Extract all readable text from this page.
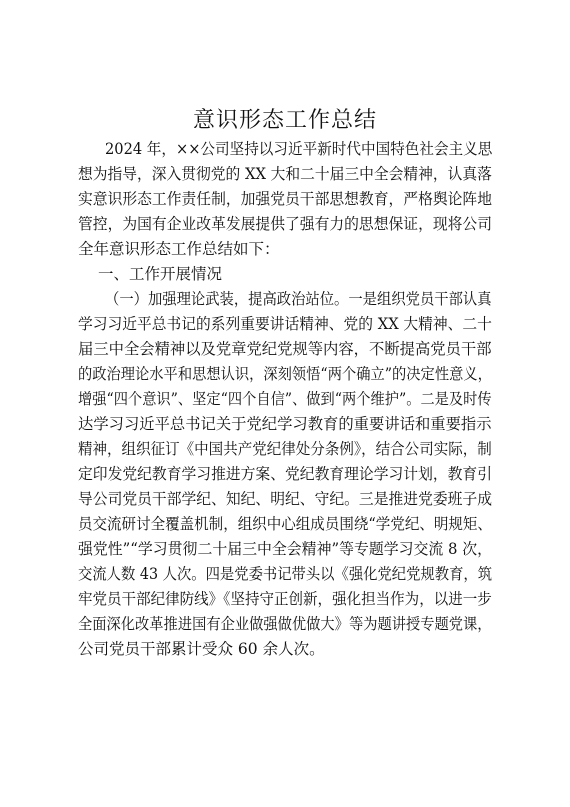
意识形态工作总结
2024 年，××公司坚持以习近平新时代中国特色社会主义思
想为指导，深入贯彻党的 XX 大和二十届三中全会精神，认真落
实意识形态工作责任制，加强党员干部思想教育，严格舆论阵地
管控，为国有企业改革发展提供了强有力的思想保证，现将公司
全年意识形态工作总结如下：
一、工作开展情况
（一）加强理论武装，提高政治站位。一是组织党员干部认真
学习习近平总书记的系列重要讲话精神、党的 XX 大精神、二十
届三中全会精神以及党章党纪党规等内容，不断提高党员干部
的政治理论水平和思想认识，深刻领悟“两个确立”的决定性意义，
增强“四个意识”、坚定“四个自信”、做到“两个维护”。二是及时传
达学习习近平总书记关于党纪学习教育的重要讲话和重要指示
精神，组织征订《中国共产党纪律处分条例》，结合公司实际，制
定印发党纪教育学习推进方案、党纪教育理论学习计划，教育引
导公司党员干部学纪、知纪、明纪、守纪。三是推进党委班子成
员交流研讨全覆盖机制，组织中心组成员围绕“学党纪、明规矩、
强党性”“学习贯彻二十届三中全会精神”等专题学习交流 8 次，
交流人数 43 人次。四是党委书记带头以《强化党纪党规教育，筑
牢党员干部纪律防线》《坚持守正创新，强化担当作为，以进一步
全面深化改革推进国有企业做强做优做大》等为题讲授专题党课，
公司党员干部累计受众 60 余人次。
